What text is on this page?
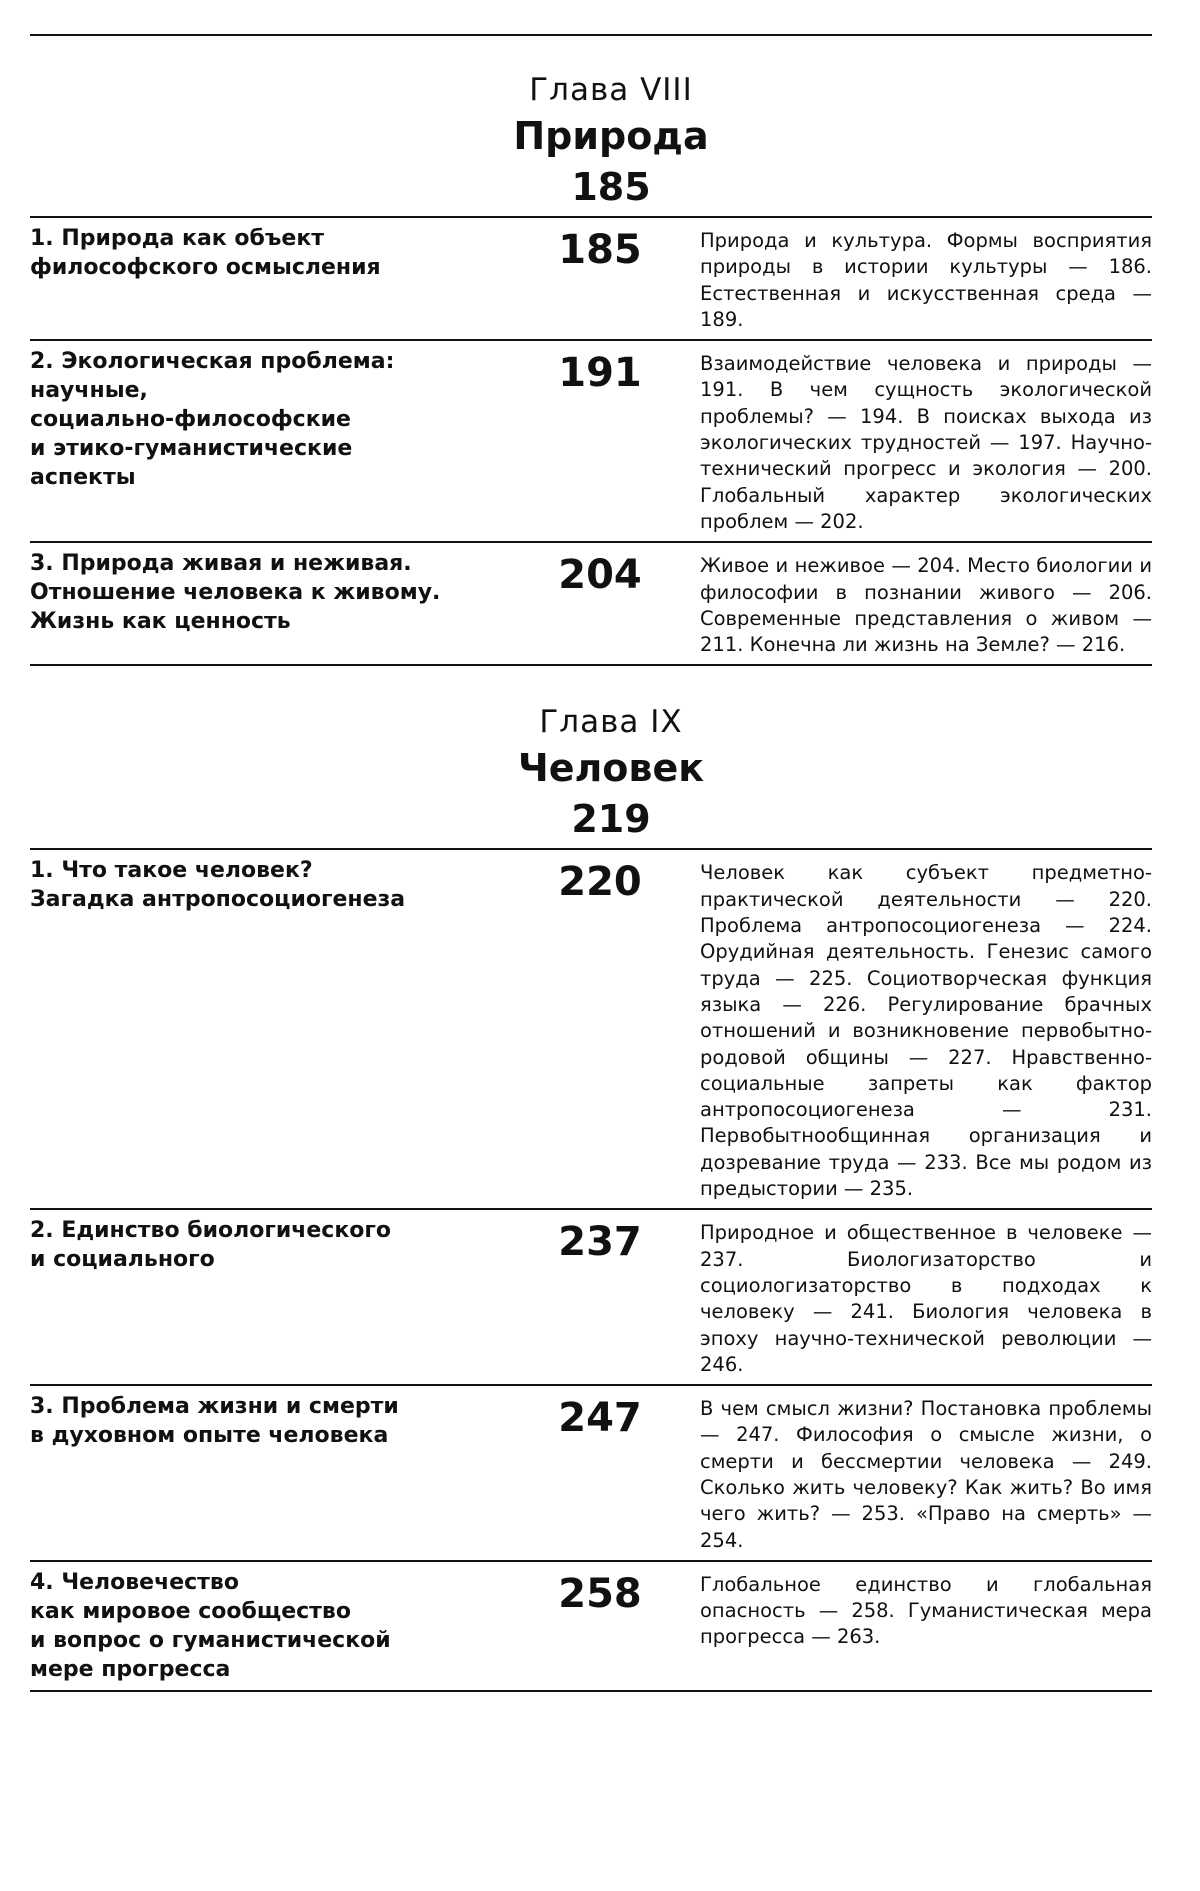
Глава VIII
Природа
185
1. Природа как объект
философского осмысления	185	Природа и культура. Формы восприятия природы в истории культуры — 186. Естественная и искусственная среда — 189.
2. Экологическая проблема:
научные,
социально-философские
и этико-гуманистические
аспекты
191	Взаимодействие человека и природы — 191. В чем сущность экологической проблемы? — 194. В поисках выхода из экологических трудностей — 197. Научно-технический прогресс и экология — 200. Глобальный характер экологических проблем — 202.
3. Природа живая и неживая.
Отношение человека к живому.
Жизнь как ценность
204	Живое и неживое — 204. Место биологии и философии в познании живого — 206. Современные представления о живом — 211. Конечна ли жизнь на Земле? — 216.
Глава IX
Человек
219
1. Что такое человек?
Загадка антропосоциогенеза	220	Человек как субъект предметно-практической деятельности — 220. Проблема антропосоциогенеза — 224. Орудийная деятельность. Генезис самого труда — 225. Социотворческая функция языка — 226. Регулирование брачных отношений и возникновение первобытно-родовой общины — 227. Нравственно-социальные запреты как фактор антропосоциогенеза — 231. Первобытнообщинная организация и дозревание труда — 233. Все мы родом из предыстории — 235.
2. Единство биологического
и социального	237	Природное и общественное в человеке — 237. Биологизаторство и социологизаторство в подходах к человеку — 241. Биология человека в эпоху научно-технической революции — 246.
3. Проблема жизни и смерти
в духовном опыте человека	247	В чем смысл жизни? Постановка проблемы — 247. Философия о смысле жизни, о смерти и бессмертии человека — 249. Сколько жить человеку? Как жить? Во имя чего жить? — 253. «Право на смерть» — 254.
4. Человечество
как мировое сообщество
и вопрос о гуманистической
мере прогресса
258	Глобальное единство и глобальная опасность — 258. Гуманистическая мера прогресса — 263.
